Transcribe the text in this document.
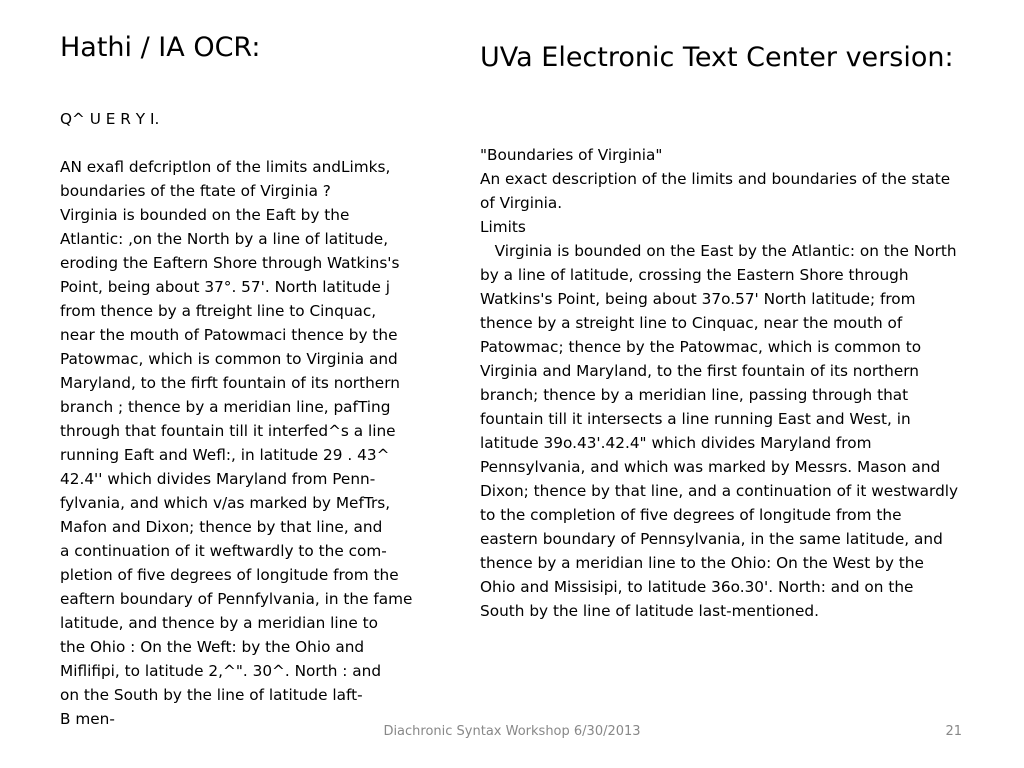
Hathi / IA OCR:	UVa Electronic Text Center version:
Q^ U E R Y I.
AN exafl defcriptlon of the limits andLimks,
boundaries of the ftate of Virginia ?
Virginia is bounded on the Eaft by the
Atlantic: ,on the North by a line of latitude,
eroding the Eaftern Shore through Watkins's
Point, being about 37°. 57'. North latitude j
from thence by a ftreight line to Cinquac,
near the mouth of Patowmaci thence by the
Patowmac, which is common to Virginia and
Maryland, to the firft fountain of its northern
branch ; thence by a meridian line, pafTing
through that fountain till it interfed^s a line
running Eaft and Wefl:, in latitude 29 . 43^
42.4'' which divides Maryland from Penn-
fylvania, and which v/as marked by MefTrs,
Mafon and Dixon; thence by that line, and
a continuation of it weftwardly to the com-
pletion of five degrees of longitude from the
eaftern boundary of Pennfylvania, in the fame
latitude, and thence by a meridian line to
the Ohio : On the Weft: by the Ohio and
Miflifipi, to latitude 2,^". 30^. North : and
on the South by the line of latitude laft-
B men-
"Boundaries of Virginia"
An exact description of the limits and boundaries of the state
of Virginia.
Limits
Virginia is bounded on the East by the Atlantic: on the North
by a line of latitude, crossing the Eastern Shore through
Watkins's Point, being about 37o.57' North latitude; from
thence by a streight line to Cinquac, near the mouth of
Patowmac; thence by the Patowmac, which is common to
Virginia and Maryland, to the first fountain of its northern
branch; thence by a meridian line, passing through that
fountain till it intersects a line running East and West, in
latitude 39o.43'.42.4" which divides Maryland from
Pennsylvania, and which was marked by Messrs. Mason and
Dixon; thence by that line, and a continuation of it westwardly
to the completion of five degrees of longitude from the
eastern boundary of Pennsylvania, in the same latitude, and
thence by a meridian line to the Ohio: On the West by the
Ohio and Missisipi, to latitude 36o.30'. North: and on the
South by the line of latitude last-mentioned.
Diachronic Syntax Workshop 6/30/2013	21
